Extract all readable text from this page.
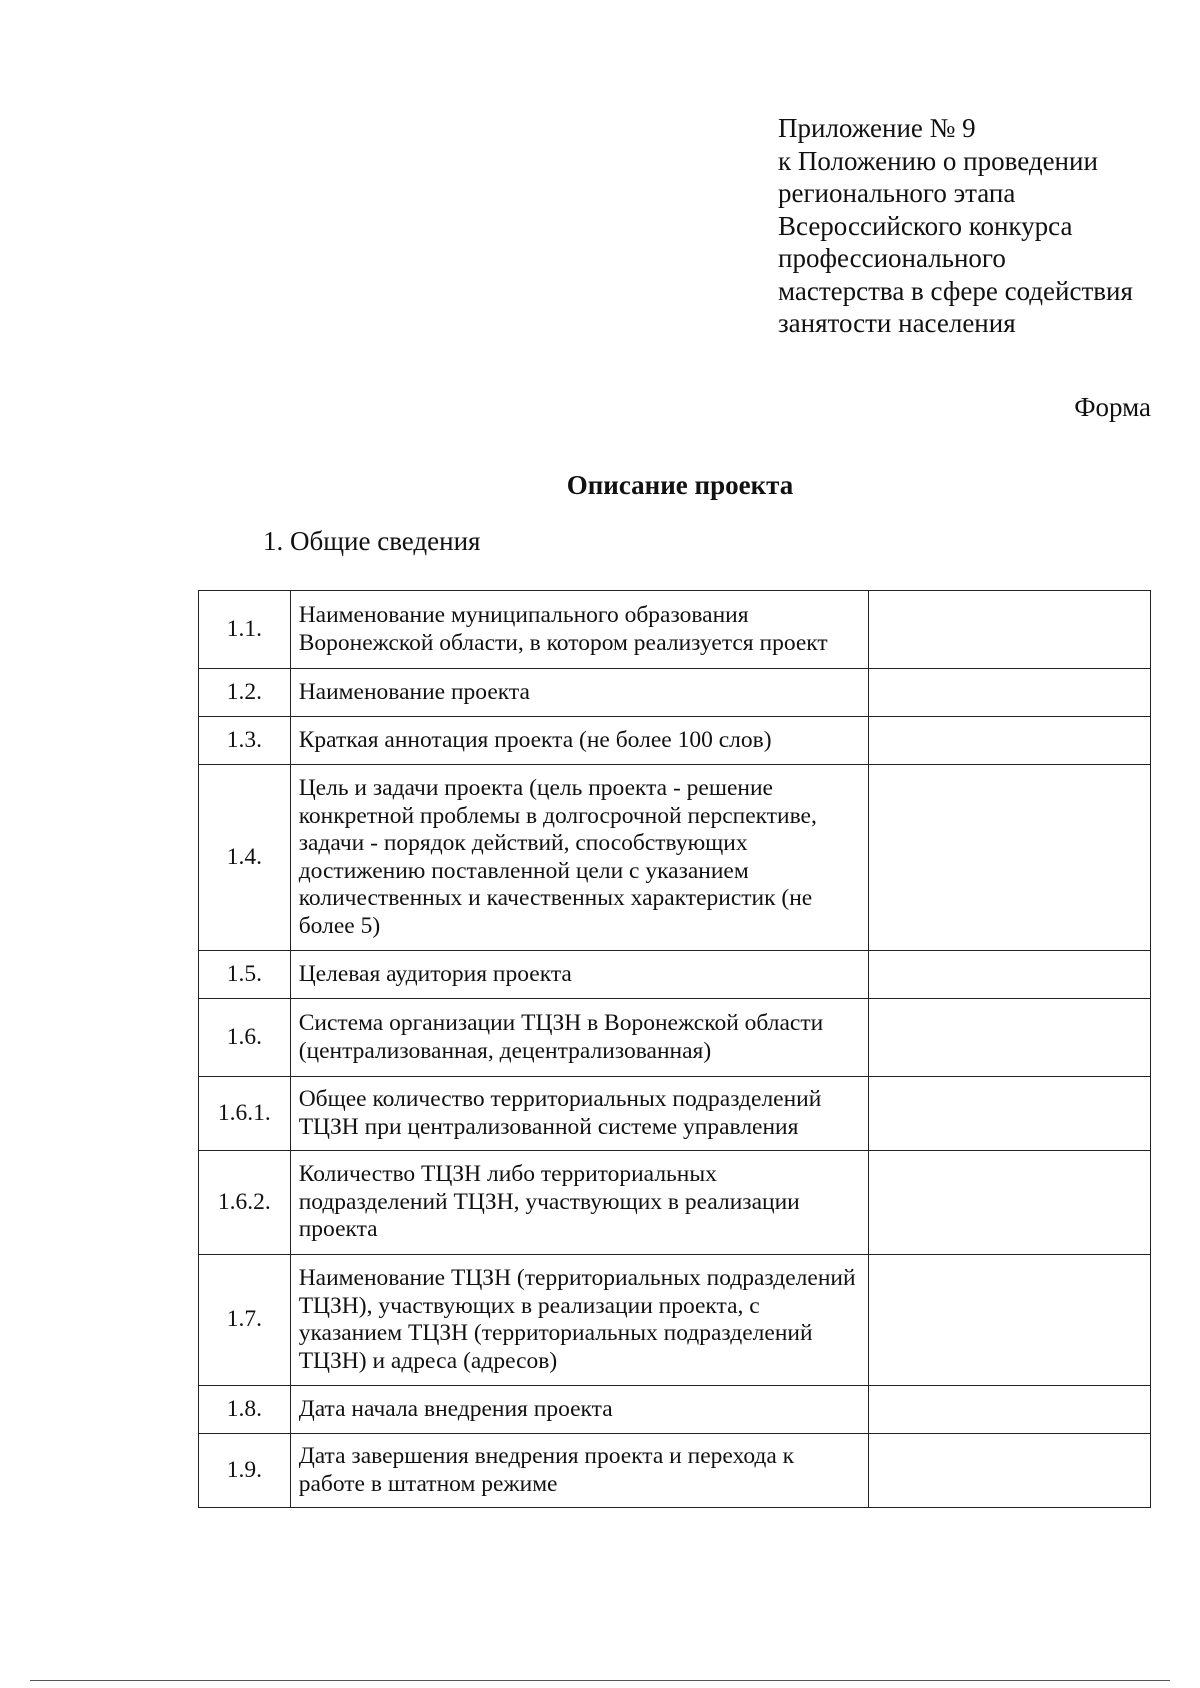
Приложение № 9
к Положению о проведении
регионального этапа
Всероссийского конкурса
профессионального
мастерства в сфере содействия
занятости населения
Форма
Описание проекта
1. Общие сведения
1.1.	Наименование муниципального образования Воронежской области, в котором реализуется проект	
1.2.	Наименование проекта	
1.3.	Краткая аннотация проекта (не более 100 слов)	
1.4.	Цель и задачи проекта (цель проекта - решение конкретной проблемы в долгосрочной перспективе, задачи - порядок действий, способствующих достижению поставленной цели с указанием количественных и качественных характеристик (не более 5)	
1.5.	Целевая аудитория проекта	
1.6.	Система организации ТЦЗН в Воронежской области (централизованная, децентрализованная)	
1.6.1.	Общее количество территориальных подразделений ТЦЗН при централизованной системе управления	
1.6.2.	Количество ТЦЗН либо территориальных подразделений ТЦЗН, участвующих в реализации проекта	
1.7.	Наименование ТЦЗН (территориальных подразделений ТЦЗН), участвующих в реализации проекта, с указанием ТЦЗН (территориальных подразделений ТЦЗН) и адреса (адресов)	
1.8.	Дата начала внедрения проекта	
1.9.	Дата завершения внедрения проекта и перехода к работе в штатном режиме	
